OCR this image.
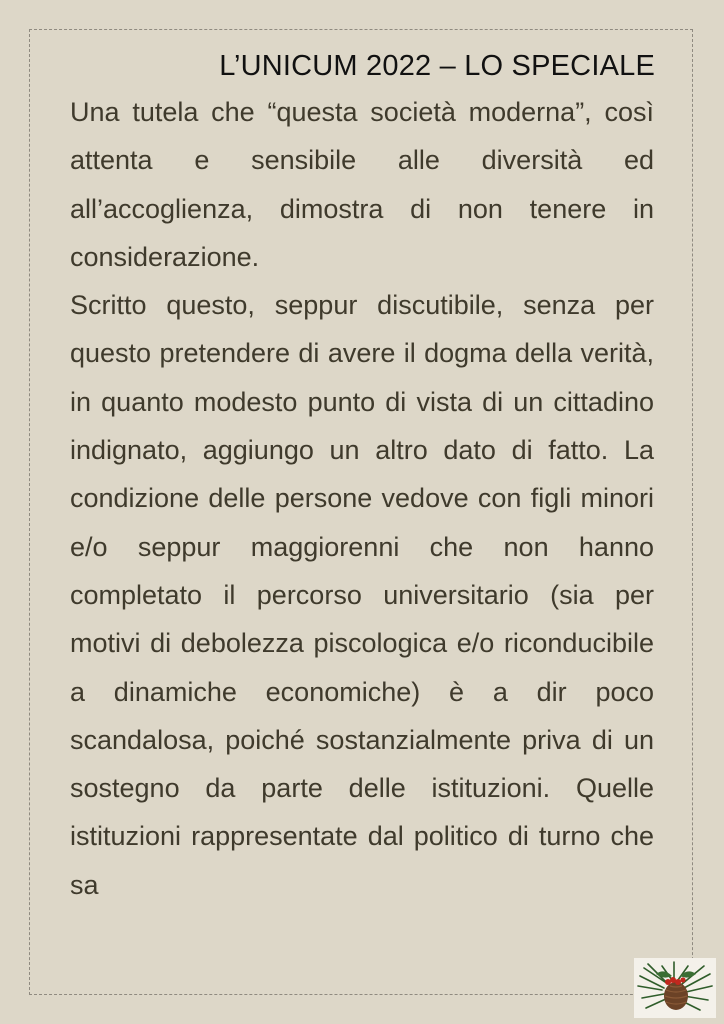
L’UNICUM 2022 – LO SPECIALE

Una tutela che “questa società moderna”, così attenta e sensibile alle diversità ed all’accoglienza, dimostra di non tenere in considerazione.

Scritto questo, seppur discutibile, senza per questo pretendere di avere il dogma della verità, in quanto modesto punto di vista di un cittadino indignato, aggiungo un altro dato di fatto. La condizione delle persone vedove con figli minori e/o seppur maggiorenni che non hanno completato il percorso universitario (sia per motivi di debolezza piscologica e/o riconducibile a dinamiche economiche) è a dir poco scandalosa, poiché sostanzialmente priva di un sostegno da parte delle istituzioni. Quelle istituzioni rappresentate dal politico di turno che sa
